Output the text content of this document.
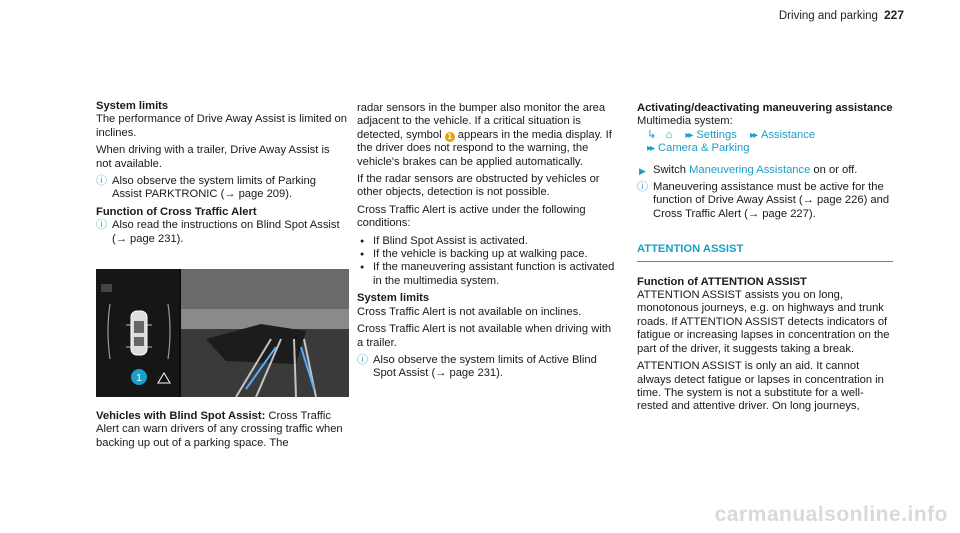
Driving and parking 227

System limits

The performance of Drive Away Assist is limited on inclines.

When driving with a trailer, Drive Away Assist is not available.

ⓘ Also observe the system limits of Parking Assist PARKTRONIC (→ page 209).

Function of Cross Traffic Alert

ⓘ Also read the instructions on Blind Spot Assist (→ page 231).
1

Vehicles with Blind Spot Assist: Cross Traffic Alert can warn drivers of any crossing traffic when backing up out of a parking space. The

radar sensors in the bumper also monitor the area adjacent to the vehicle. If a critical situation is detected, symbol 1 appears in the media display. If the driver does not respond to the warning, the vehicle's brakes can be applied automatically.

If the radar sensors are obstructed by vehicles or other objects, detection is not possible.

Cross Traffic Alert is active under the following conditions:

● If Blind Spot Assist is activated.
● If the vehicle is backing up at walking pace.
● If the maneuvering assistant function is activated in the multimedia system.

System limits

Cross Traffic Alert is not available on inclines.

Cross Traffic Alert is not available when driving with a trailer.

ⓘ Also observe the system limits of Active Blind Spot Assist (→ page 231).

Activating/deactivating maneuvering assistance

Multimedia system:

↳ ⌂ ▸▸ Settings ▸▸ Assistance

▸▸ Camera & Parking

▶ Switch Maneuvering Assistance on or off.

ⓘ Maneuvering assistance must be active for the function of Drive Away Assist (→ page 226) and Cross Traffic Alert (→ page 227).
ATTENTION ASSIST

Function of ATTENTION ASSIST

ATTENTION ASSIST assists you on long, monotonous journeys, e.g. on highways and trunk roads. If ATTENTION ASSIST detects indicators of fatigue or increasing lapses in concentration on the part of the driver, it suggests taking a break.

ATTENTION ASSIST is only an aid. It cannot always detect fatigue or lapses in concentration in time. The system is not a substitute for a well-rested and attentive driver. On long journeys,

carmanualsonline.info
